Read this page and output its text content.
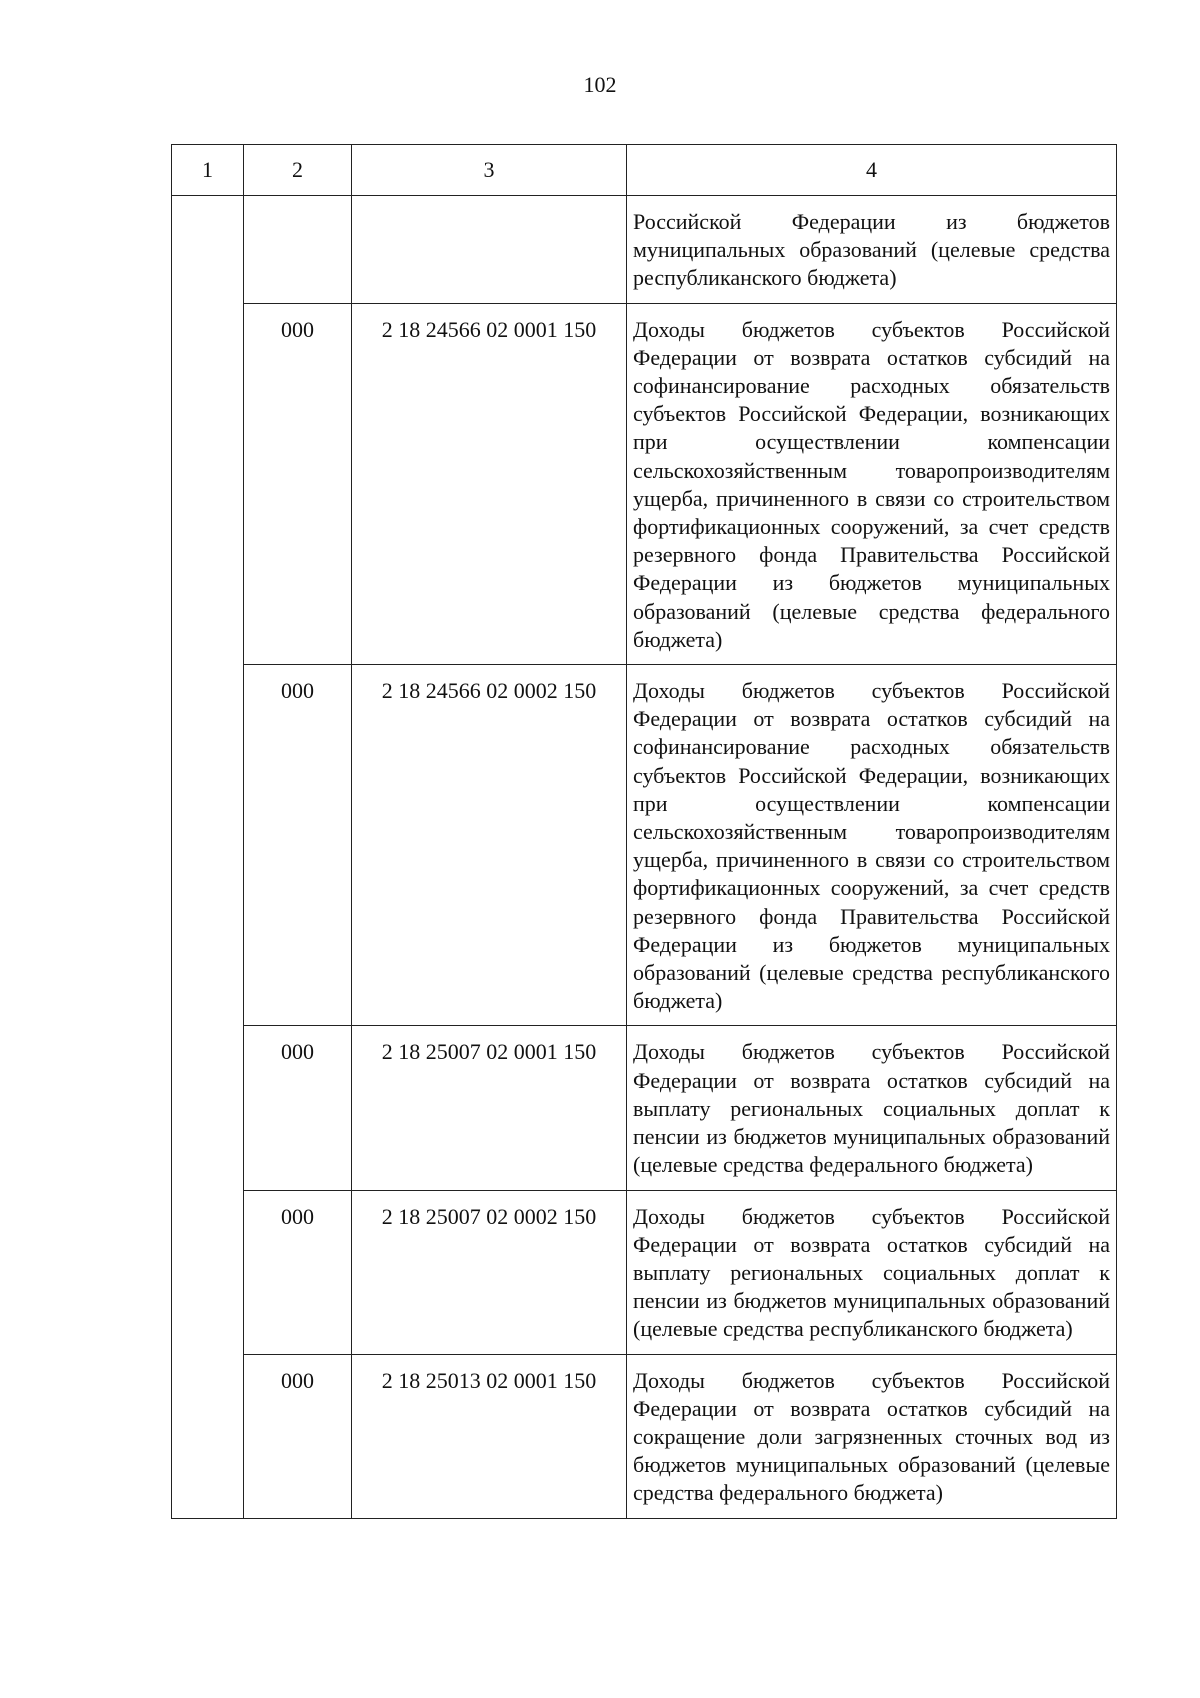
102
1	2	3	4

			Российской Федерации из бюджетов муниципальных образований (целевые средства республиканского бюджета)

	000	2 18 24566 02 0001 150	Доходы бюджетов субъектов Российской Федерации от возврата остатков субсидий на софинансирование расходных обязательств субъектов Российской Федерации, возникающих при осуществлении компенсации сельскохозяйственным товаропроизводителям ущерба, причиненного в связи со строительством фортификационных сооружений, за счет средств резервного фонда Правительства Российской Федерации из бюджетов муниципальных образований (целевые средства федерального бюджета)

	000	2 18 24566 02 0002 150	Доходы бюджетов субъектов Российской Федерации от возврата остатков субсидий на софинансирование расходных обязательств субъектов Российской Федерации, возникающих при осуществлении компенсации сельскохозяйственным товаропроизводителям ущерба, причиненного в связи со строительством фортификационных сооружений, за счет средств резервного фонда Правительства Российской Федерации из бюджетов муниципальных образований (целевые средства республиканского бюджета)

	000	2 18 25007 02 0001 150	Доходы бюджетов субъектов Российской Федерации от возврата остатков субсидий на выплату региональных социальных доплат к пенсии из бюджетов муниципальных образований (целевые средства федерального бюджета)

	000	2 18 25007 02 0002 150	Доходы бюджетов субъектов Российской Федерации от возврата остатков субсидий на выплату региональных социальных доплат к пенсии из бюджетов муниципальных образований (целевые средства республиканского бюджета)

	000	2 18 25013 02 0001 150	Доходы бюджетов субъектов Российской Федерации от возврата остатков субсидий на сокращение доли загрязненных сточных вод из бюджетов муниципальных образований (целевые средства федерального бюджета)
